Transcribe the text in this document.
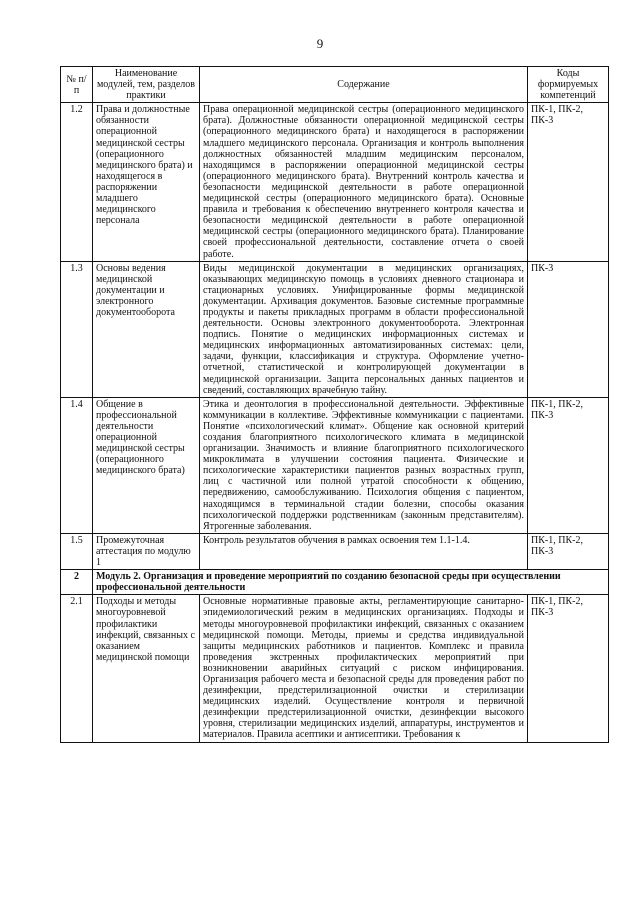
9
№ п/п	Наименование модулей, тем, разделов практики	Содержание	Коды формируемых компетенций
1.2	Права и должностные обязанности операционной медицинской сестры (операционного медицинского брата) и находящегося в распоряжении младшего медицинского персонала	Права операционной медицинской сестры (операционного медицинского брата). Должностные обязанности операционной медицинской сестры (операционного медицинского брата) и находящегося в распоряжении младшего медицинского персонала. Организация и контроль выполнения должностных обязанностей младшим медицинским персоналом, находящимся в распоряжении операционной медицинской сестры (операционного медицинского брата). Внутренний контроль качества и безопасности медицинской деятельности в работе операционной медицинской сестры (операционного медицинского брата). Основные правила и требования к обеспечению внутреннего контроля качества и безопасности медицинской деятельности в работе операционной медицинской сестры (операционного медицинского брата). Планирование своей профессиональной деятельности, составление отчета о своей работе.	ПК-1, ПК-2, ПК-3
1.3	Основы ведения медицинской документации и электронного документооборота	Виды медицинской документации в медицинских организациях, оказывающих медицинскую помощь в условиях дневного стационара и стационарных условиях. Унифицированные формы медицинской документации. Архивация документов. Базовые системные программные продукты и пакеты прикладных программ в области профессиональной деятельности. Основы электронного документооборота. Электронная подпись. Понятие о медицинских информационных системах и медицинских информационных автоматизированных системах: цели, задачи, функции, классификация и структура. Оформление учетно-отчетной, статистической и контролирующей документации в медицинской организации. Защита персональных данных пациентов и сведений, составляющих врачебную тайну.	ПК-3
1.4	Общение в профессиональной деятельности операционной медицинской сестры (операционного медицинского брата)	Этика и деонтология в профессиональной деятельности. Эффективные коммуникации в коллективе. Эффективные коммуникации с пациентами. Понятие «психологический климат». Общение как основной критерий создания благоприятного психологического климата в медицинской организации. Значимость и влияние благоприятного психологического микроклимата в улучшении состояния пациента. Физические и психологические характеристики пациентов разных возрастных групп, лиц с частичной или полной утратой способности к общению, передвижению, самообслуживанию. Психология общения с пациентом, находящимся в терминальной стадии болезни, способы оказания психологической поддержки родственникам (законным представителям). Ятрогенные заболевания.	ПК-1, ПК-2, ПК-3
1.5	Промежуточная аттестация по модулю 1	Контроль результатов обучения в рамках освоения тем 1.1-1.4.	ПК-1, ПК-2, ПК-3
2	Модуль 2. Организация и проведение мероприятий по созданию безопасной среды при осуществлении профессиональной деятельности		
2.1	Подходы и методы многоуровневой профилактики инфекций, связанных с оказанием медицинской помощи	Основные нормативные правовые акты, регламентирующие санитарно-эпидемиологический режим в медицинских организациях. Подходы и методы многоуровневой профилактики инфекций, связанных с оказанием медицинской помощи. Методы, приемы и средства индивидуальной защиты медицинских работников и пациентов. Комплекс и правила проведения экстренных профилактических мероприятий при возникновении аварийных ситуаций с риском инфицирования. Организация рабочего места и безопасной среды для проведения работ по дезинфекции, предстерилизационной очистки и стерилизации медицинских изделий. Осуществление контроля и первичной дезинфекции предстерилизационной очистки, дезинфекции высокого уровня, стерилизации медицинских изделий, аппаратуры, инструментов и материалов. Правила асептики и антисептики. Требования к	ПК-1, ПК-2, ПК-3
